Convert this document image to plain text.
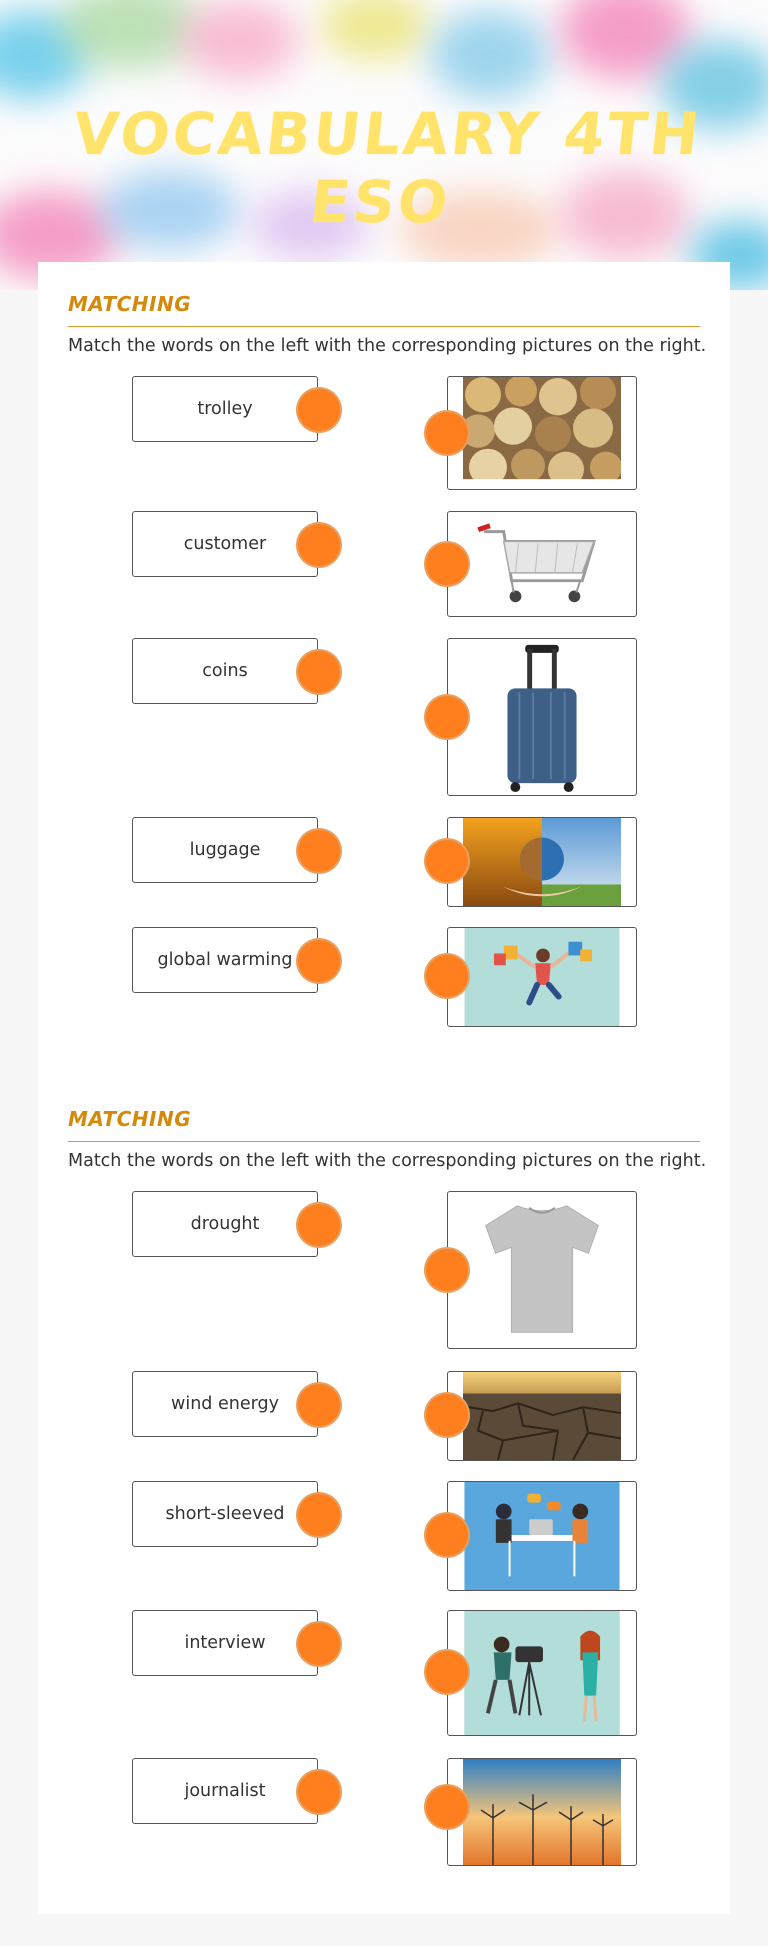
VOCABULARY 4TH ESO
MATCHING
Match the words on the left with the corresponding pictures on the right.
trolley
customer
coins
luggage
global warming
MATCHING
Match the words on the left with the corresponding pictures on the right.
drought
wind energy
short-sleeved
interview
journalist
